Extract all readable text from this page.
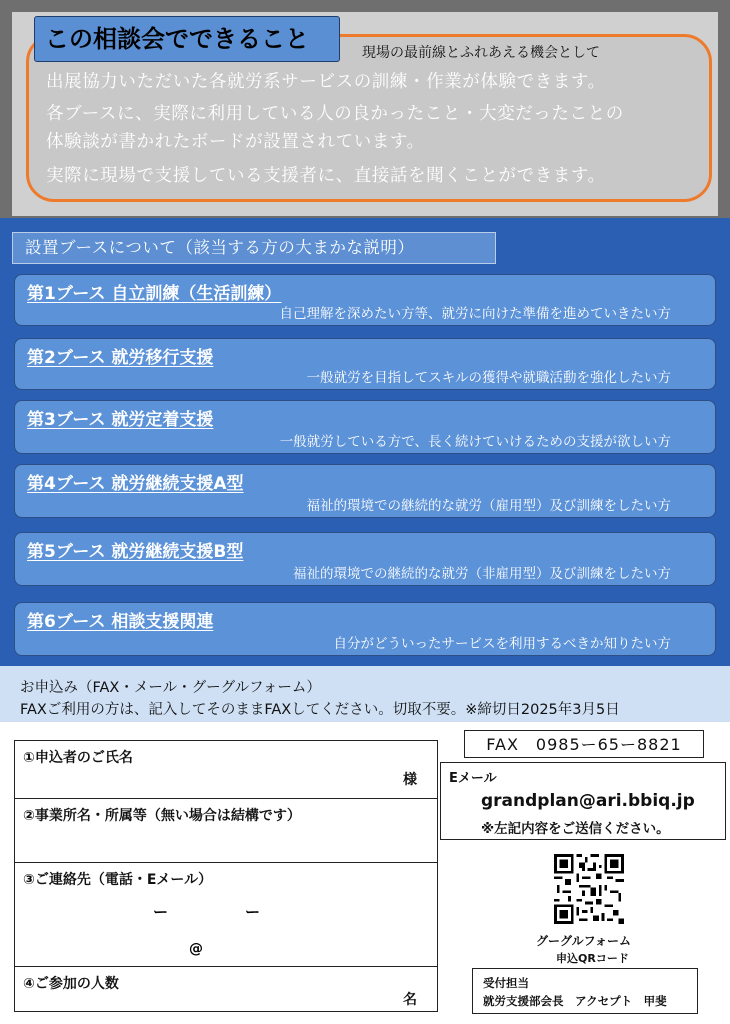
この相談会でできること	現場の最前線とふれあえる機会として
出展協力いただいた各就労系サービスの訓練・作業が体験できます。
各ブースに、実際に利用している人の良かったこと・大変だったことの
体験談が書かれたボードが設置されています。
実際に現場で支援している支援者に、直接話を聞くことができます。
設置ブースについて（該当する方の大まかな説明）
第1ブース 自立訓練（生活訓練）
自己理解を深めたい方等、就労に向けた準備を進めていきたい方
第2ブース 就労移行支援
一般就労を目指してスキルの獲得や就職活動を強化したい方
第3ブース 就労定着支援
一般就労している方で、長く続けていけるための支援が欲しい方
第4ブース 就労継続支援A型
福祉的環境での継続的な就労（雇用型）及び訓練をしたい方
第5ブース 就労継続支援B型
福祉的環境での継続的な就労（非雇用型）及び訓練をしたい方
第6ブース 相談支援関連
自分がどういったサービスを利用するべきか知りたい方
お申込み（FAX・メール・グーグルフォーム）
FAXご利用の方は、記入してそのままFAXしてください。切取不要。※締切日2025年3月5日
①申込者のご氏名
様
②事業所名・所属等（無い場合は結構です）
③ご連絡先（電話・Eメール）
ー	ー
@
④ご参加の人数
名
FAX　0985ー65ー8821
Eメール
grandplan@ari.bbiq.jp
※左記内容をご送信ください。
グーグルフォーム
申込QRコード
受付担当
就労支援部会長　アクセプト　甲斐
